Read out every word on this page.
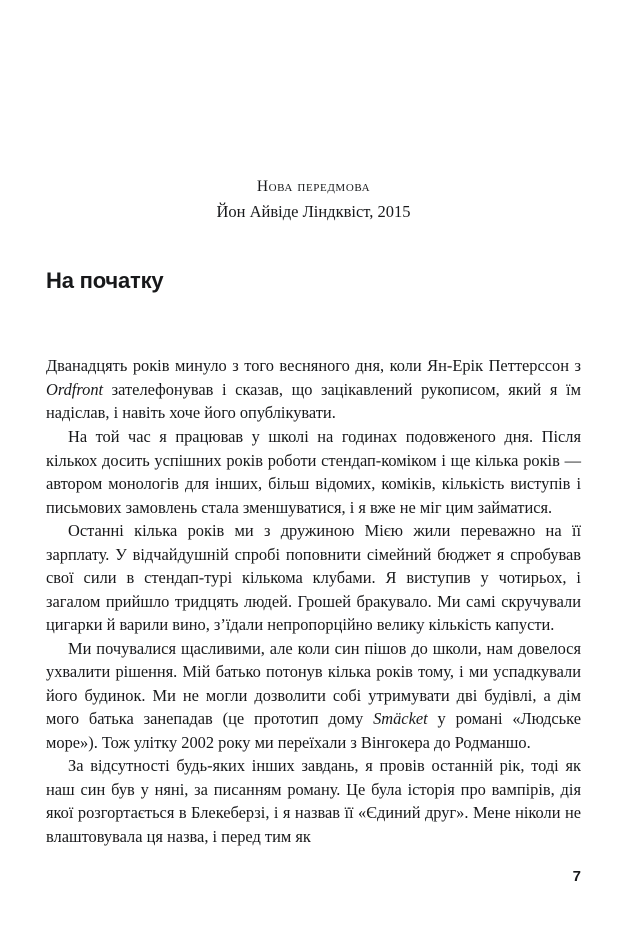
Нова передмова
Йон Айвіде Ліндквіст, 2015
На початку

Дванадцять років минуло з того весняного дня, коли Ян-Ерік Петтерссон з Ordfront зателефонував і сказав, що зацікавлений рукописом, який я їм надіслав, і навіть хоче його опублікувати.

На той час я працював у школі на годинах подовженого дня. Після кількох досить успішних років роботи стендап-коміком і ще кілька років — автором монологів для інших, більш відомих, коміків, кількість виступів і письмових замовлень стала зменшуватися, і я вже не міг цим займатися.

Останні кілька років ми з дружиною Мією жили переважно на її зарплату. У відчайдушній спробі поповнити сімейний бюджет я спробував свої сили в стендап-турі кількома клубами. Я виступив у чотирьох, і загалом прийшло тридцять людей. Грошей бракувало. Ми самі скручували цигарки й варили вино, з’їдали непропорційно велику кількість капусти.

Ми почувалися щасливими, але коли син пішов до школи, нам довелося ухвалити рішення. Мій батько потонув кілька років тому, і ми успадкували його будинок. Ми не могли дозволити собі утримувати дві будівлі, а дім мого батька занепадав (це прототип дому Smäcket у романі «Людське море»). Тож улітку 2002 року ми переїхали з Вінгокера до Родманшо.

За відсутності будь-яких інших завдань, я провів останній рік, тоді як наш син був у няні, за писанням роману. Це була історія про вампірів, дія якої розгортається в Блекеберзі, і я назвав її «Єдиний друг». Мене ніколи не влаштовувала ця назва, і перед тим як

7
